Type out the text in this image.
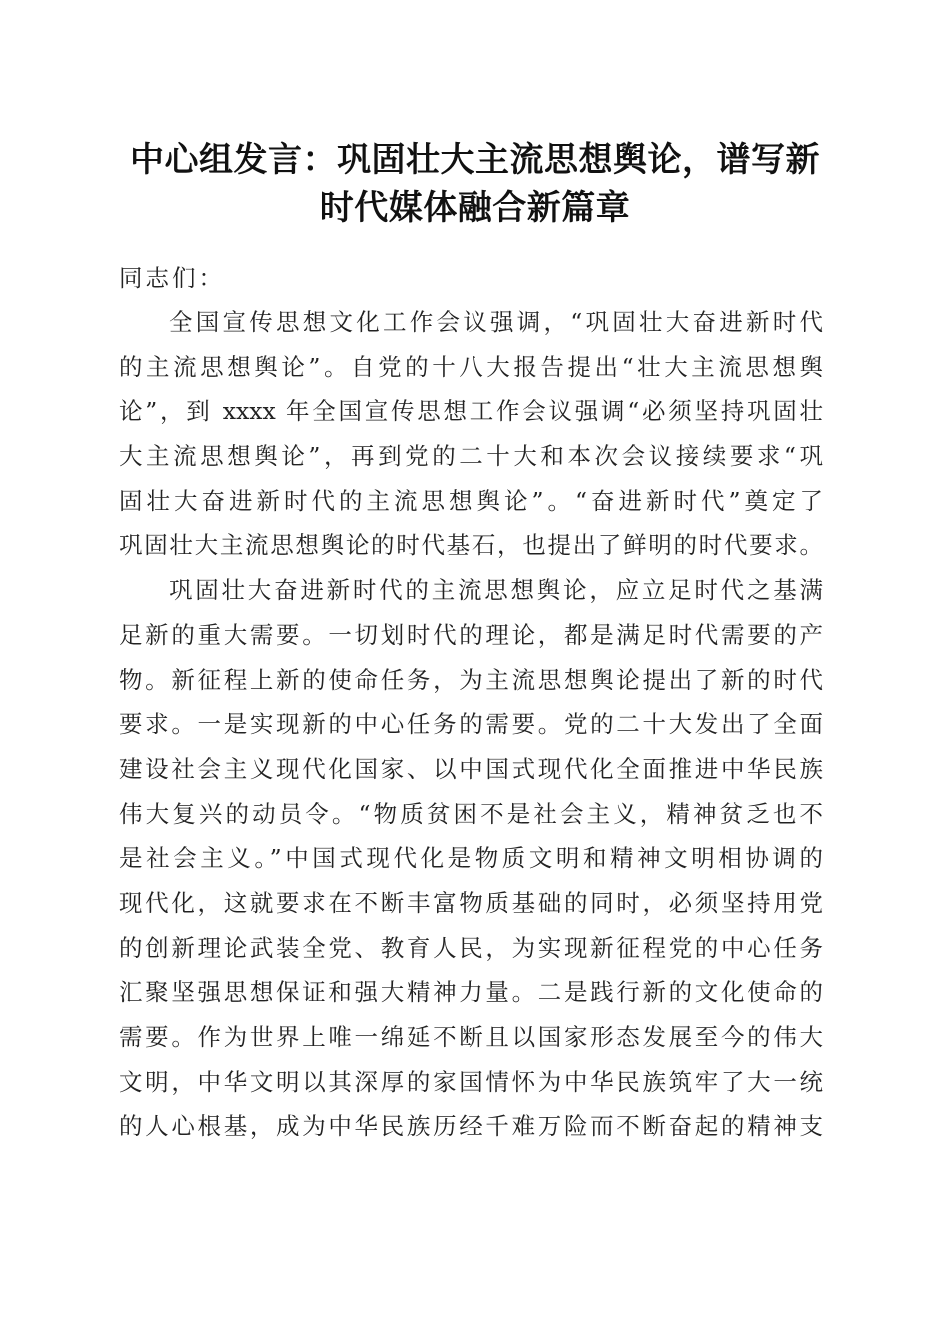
中心组发言：巩固壮大主流思想舆论，谱写新
时代媒体融合新篇章
同志们：
全国宣传思想文化工作会议强调，“巩固壮大奋进新时代
的主流思想舆论”。自党的十八大报告提出“壮大主流思想舆
论”，到 xxxx 年全国宣传思想工作会议强调“必须坚持巩固壮
大主流思想舆论”，再到党的二十大和本次会议接续要求“巩
固壮大奋进新时代的主流思想舆论”。“奋进新时代”奠定了
巩固壮大主流思想舆论的时代基石，也提出了鲜明的时代要求。
巩固壮大奋进新时代的主流思想舆论，应立足时代之基满
足新的重大需要。一切划时代的理论，都是满足时代需要的产
物。新征程上新的使命任务，为主流思想舆论提出了新的时代
要求。一是实现新的中心任务的需要。党的二十大发出了全面
建设社会主义现代化国家、以中国式现代化全面推进中华民族
伟大复兴的动员令。“物质贫困不是社会主义，精神贫乏也不
是社会主义。”中国式现代化是物质文明和精神文明相协调的
现代化，这就要求在不断丰富物质基础的同时，必须坚持用党
的创新理论武装全党、教育人民，为实现新征程党的中心任务
汇聚坚强思想保证和强大精神力量。二是践行新的文化使命的
需要。作为世界上唯一绵延不断且以国家形态发展至今的伟大
文明，中华文明以其深厚的家国情怀为中华民族筑牢了大一统
的人心根基，成为中华民族历经千难万险而不断奋起的精神支
